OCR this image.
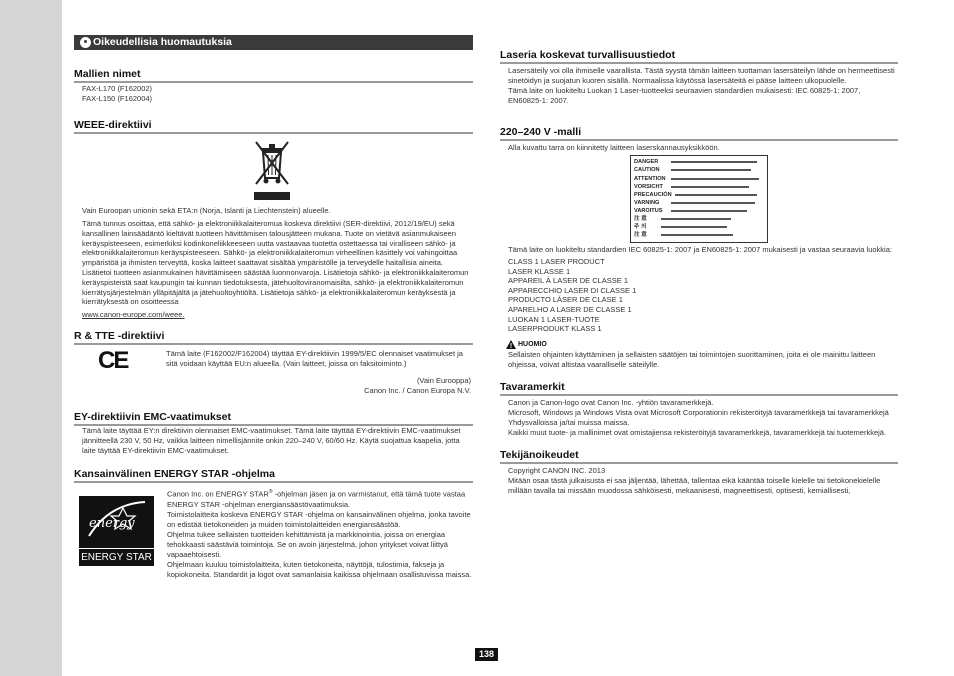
Oikeudellisia huomautuksia
Mallien nimet

FAX-L170 (F162002)

FAX-L150 (F162004)

WEEE-direktiivi

Vain Euroopan unionin sekä ETA:n (Norja, Islanti ja Liechtenstein) alueelle.

Tämä tunnus osoittaa, että sähkö- ja elektroniikkalaiteromua koskeva direktiivi (SER-direktiivi, 2012/19/EU) sekä kansallinen lainsäädäntö kieltävät tuotteen hävittämisen talousjätteen mukana. Tuote on vietävä asianmukaiseen keräyspisteeseen, esimerkiksi kodinkoneliikkeeseen uutta vastaavaa tuotetta ostettaessa tai viralliseen sähkö- ja elektroniikkalaiteromun keräyspisteeseen. Sähkö- ja elektroniikkalaiteromun virheellinen käsittely voi vahingoittaa ympäristöä ja ihmisten terveyttä, koska laitteet saattavat sisältää ympäristölle ja terveydelle haitallisia aineita. Lisätietoi tuotteen asianmukainen hävittämiseen säästää luonnonvaroja. Lisätietoja sähkö- ja elektroniikkalaiteromun keräyspisteistä saat kaupungin tai kunnan tiedotuksesta, jätehuoltoviranomaisilta, sähkö- ja elektroniikkalaiteromun kierrätysjärjestelmän ylläpitäjältä ja jätehuoltoyhtiöltä. Lisätietoja sähkö- ja elektroniikkalaiteromun keräyksestä ja kierrätyksestä on osoitteessa

www.canon-europe.com/weee.

R & TTE -direktiivi
CE	Tämä laite (F162002/F162004) täyttää EY-direktiivin 1999/5/EC olennaiset vaatimukset ja sitä voidaan käyttää EU:n alueella. (Vain laitteet, joissa on faksitoiminto.)

(Vain Eurooppa)

Canon Inc. / Canon Europa N.V.

EY-direktiivin EMC-vaatimukset
Tämä laite täyttää EY:n direktiivin olennaiset EMC-vaatimukset. Tämä laite täyttää EY-direktiivin EMC-vaatimukset jännitteellä 230 V, 50 Hz, vaikka laitteen nimellisjännite onkin 220–240 V, 60/60 Hz. Käytä suojattua kaapelia, jotta laite täyttää EY-direktiivin EMC-vaatimukset.
Kansainvälinen ENERGY STAR -ohjelma
energy
ENERGY STAR

Canon Inc. on ENERGY STAR® -ohjelman jäsen ja on varmistanut, että tämä tuote vastaa ENERGY STAR -ohjelman energiansäästövaatimuksia.

Toimistolaitteita koskeva ENERGY STAR -ohjelma on kansainvälinen ohjelma, jonka tavoite on edistää tietokoneiden ja muiden toimistolaitteiden energiansäästöä.

Ohjelma tukee sellaisten tuotteiden kehittämistä ja markkinointia, joissa on energiaa tehokkaasti säästäviä toimintoja. Se on avoin järjestelmä, johon yritykset voivat liittyä vapaaehtoisesti.

Ohjelmaan kuuluu toimistolaitteita, kuten tietokoneita, näyttöjä, tulostimia, fakseja ja kopiokoneita. Standardit ja logot ovat samanlaisia kaikissa ohjelmaan osallistuvissa maissa.

Laseria koskevat turvallisuustiedot

Lasersäteily voi olla ihmiselle vaarallista. Tästä syystä tämän laitteen tuottaman lasersäteilyn lähde on hermeettisesti sinetöidyn ja suojatun kuoren sisällä. Normaalissa käytössä lasersäteitä ei pääse laitteen ulkopuolelle.

Tämä laite on luokiteltu Luokan 1 Laser-tuotteeksi seuraavien standardien mukaisesti: IEC 60825-1: 2007, EN60825-1: 2007.

220–240 V -malli
Alla kuvattu tarra on kiinnitetty laitteen laserskannausyksikköön.
DANGER
CAUTION
ATTENTION
VORSICHT
PRECAUCIÓN
VARNING
VAROITUS
注 意
주 의
注 意
Tämä laite on luokiteltu standardien IEC 60825-1: 2007 ja EN60825-1: 2007 mukaisesti ja vastaa seuraavia luokkia:
CLASS 1 LASER PRODUCT
LASER KLASSE 1
APPAREIL À LASER DE CLASSE 1
APPARECCHIO LASER DI CLASSE 1
PRODUCTO LÁSER DE CLASE 1
APARELHO A LASER DE CLASSE 1
LUOKAN 1 LASER-TUOTE
LASERPRODUKT KLASS 1
HUOMIO
Sellaisten ohjainten käyttäminen ja sellaisten säätöjen tai toimintojen suorittaminen, joita ei ole mainittu laitteen ohjeissa, voivat altistaa vaaralliselle säteilylle.
Tavaramerkit

Canon ja Canon-logo ovat Canon Inc. -yhtiön tavaramerkkejä.

Microsoft, Windows ja Windows Vista ovat Microsoft Corporationin rekisteröityjä tavaramerkkejä tai tavaramerkkejä Yhdysvalloissa ja/tai muissa maissa.

Kaikki muut tuote- ja mallinimet ovat omistajiensa rekisteröityjä tavaramerkkejä, tavaramerkkejä tai tuotemerkkejä.

Tekijänoikeudet

Copyright CANON INC. 2013

Mitään osaa tästä julkaisusta ei saa jäljentää, lähettää, tallentaa eikä kääntää toiselle kielelle tai tietokonekielelle millään tavalla tai missään muodossa sähköisesti, mekaanisesti, magneettisesti, optisesti, kemiallisesti,

138
